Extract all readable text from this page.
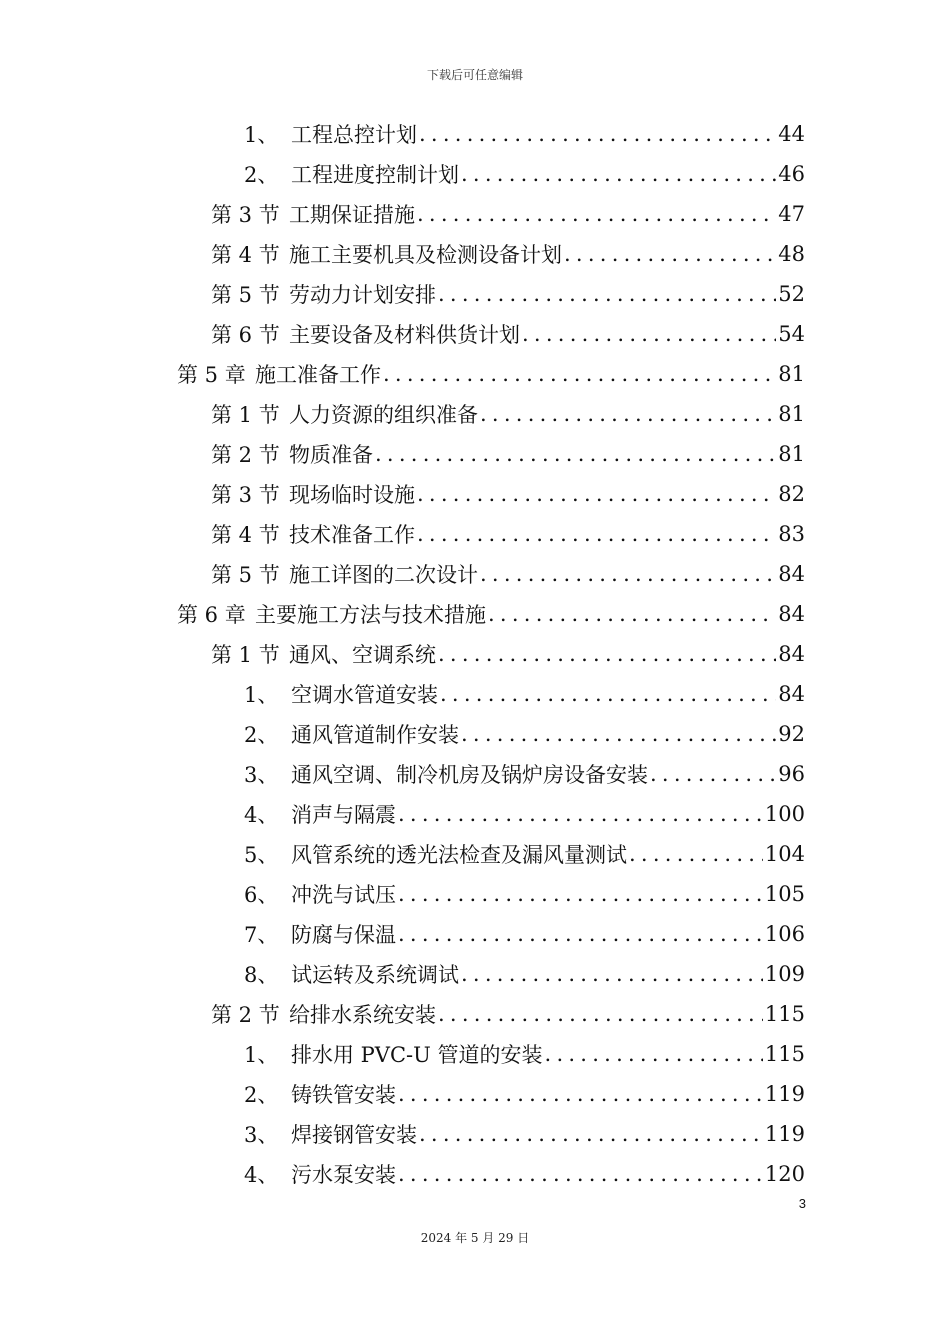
下载后可任意编辑
1、 工程总控计划 .....	44
2、 工程进度控制计划 .....	46
第 3 节 工期保证措施 .....	47
第 4 节 施工主要机具及检测设备计划 .....	48
第 5 节 劳动力计划安排 .....	52
第 6 节 主要设备及材料供货计划 .....	54
第 5 章 施工准备工作 .....	81
第 1 节 人力资源的组织准备 .....	81
第 2 节 物质准备 .....	81
第 3 节 现场临时设施 .....	82
第 4 节 技术准备工作 .....	83
第 5 节 施工详图的二次设计 .....	84
第 6 章 主要施工方法与技术措施 .....	84
第 1 节 通风、空调系统 .....	84
1、 空调水管道安装 .....	84
2、 通风管道制作安装 .....	92
3、 通风空调、制冷机房及锅炉房设备安装 .....	96
4、 消声与隔震 .....	100
5、 风管系统的透光法检查及漏风量测试 .....	104
6、 冲洗与试压 .....	105
7、 防腐与保温 .....	106
8、 试运转及系统调试 .....	109
第 2 节 给排水系统安装 .....	115
1、 排水用 PVC-U 管道的安装 .....	115
2、 铸铁管安装 .....	119
3、 焊接钢管安装 .....	119
4、 污水泵安装 .....	120
3
2024 年 5 月 29 日
